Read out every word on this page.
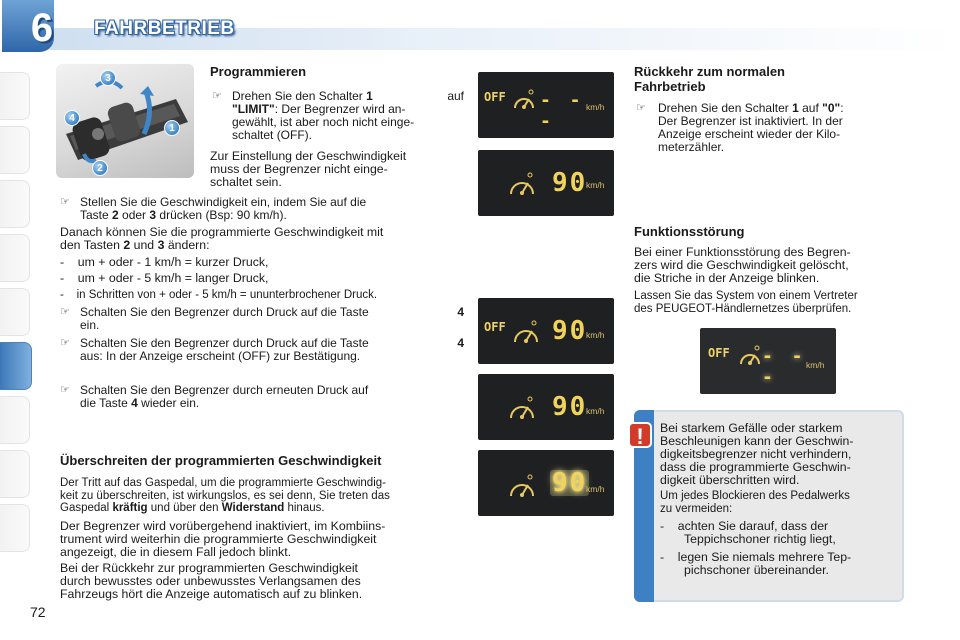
6	FAHRBETRIEB
3
4
1
2
Programmieren
☞ Drehen Sie den Schalter 1	auf
"LIMIT": Der Begrenzer wird an-
gewählt, ist aber noch nicht einge-
schaltet (OFF).
Zur Einstellung der Geschwindigkeit
muss der Begrenzer nicht einge-
schaltet sein.
☞ Stellen Sie die Geschwindigkeit ein, indem Sie auf die
Taste 2 oder 3 drücken (Bsp: 90 km/h).
Danach können Sie die programmierte Geschwindigkeit mit
den Tasten 2 und 3 ändern:
-    um + oder - 1 km/h = kurzer Druck,
-    um + oder - 5 km/h = langer Druck,
-    in Schritten von + oder - 5 km/h = ununterbrochener Druck.
☞ Schalten Sie den Begrenzer durch Druck auf die Taste	4
ein.
☞ Schalten Sie den Begrenzer durch Druck auf die Taste	4
aus: In der Anzeige erscheint (OFF) zur Bestätigung.
☞ Schalten Sie den Begrenzer durch erneuten Druck auf
die Taste 4 wieder ein.
Überschreiten der programmierten Geschwindigkeit
Der Tritt auf das Gaspedal, um die programmierte Geschwindig-
keit zu überschreiten, ist wirkungslos, es sei denn, Sie treten das
Gaspedal kräftig und über den Widerstand hinaus.
Der Begrenzer wird vorübergehend inaktiviert, im Kombiins-
trument wird weiterhin die programmierte Geschwindigkeit
angezeigt, die in diesem Fall jedoch blinkt.
Bei der Rückkehr zur programmierten Geschwindigkeit
durch bewusstes oder unbewusstes Verlangsamen des
Fahrzeugs hört die Anzeige automatisch auf zu blinken.
OFF - - -
km/h
90
km/h
OFF 90
km/h
90
km/h
90
km/h
Rückkehr zum normalen
Fahrbetrieb
☞ Drehen Sie den Schalter 1 auf "0":
Der Begrenzer ist inaktiviert. In der
Anzeige erscheint wieder der Kilo-
meterzähler.
Funktionsstörung
Bei einer Funktionsstörung des Begren-
zers wird die Geschwindigkeit gelöscht,
die Striche in der Anzeige blinken.
Lassen Sie das System von einem Vertreter
des PEUGEOT-Händlernetzes überprüfen.
OFF - - -
km/h
!	Bei starkem Gefälle oder starkem
Beschleunigen kann der Geschwin-
digkeitsbegrenzer nicht verhindern,
dass die programmierte Geschwin-
digkeit überschritten wird.
Um jedes Blockieren des Pedalwerks
zu vermeiden:
-    achten Sie darauf, dass der
Teppichschoner richtig liegt,
-    legen Sie niemals mehrere Tep-
pichschoner übereinander.
72
